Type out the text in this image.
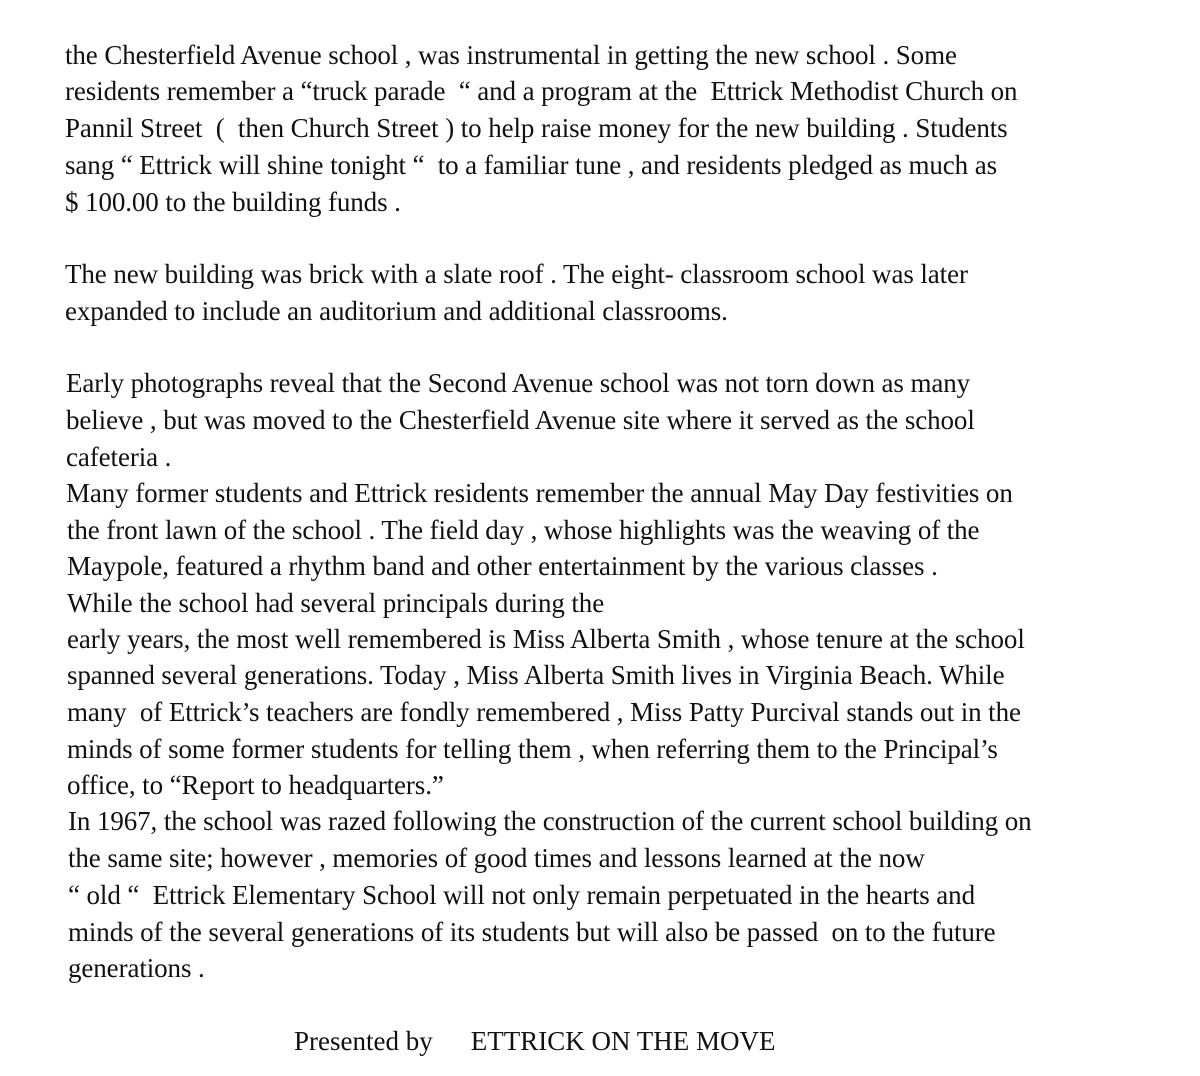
the Chesterfield Avenue school , was instrumental in getting the new school . Some
residents remember a “truck parade  “ and a program at the  Ettrick Methodist Church on
Pannil Street  (  then Church Street ) to help raise money for the new building . Students
sang “ Ettrick will shine tonight “  to a familiar tune , and residents pledged as much as
$ 100.00 to the building funds .
The new building was brick with a slate roof . The eight- classroom school was later
expanded to include an auditorium and additional classrooms.
Early photographs reveal that the Second Avenue school was not torn down as many
believe , but was moved to the Chesterfield Avenue site where it served as the school
cafeteria .
Many former students and Ettrick residents remember the annual May Day festivities on
the front lawn of the school . The field day , whose highlights was the weaving of the
Maypole, featured a rhythm band and other entertainment by the various classes .
While the school had several principals during the
early years, the most well remembered is Miss Alberta Smith , whose tenure at the school
spanned several generations. Today , Miss Alberta Smith lives in Virginia Beach. While
many  of Ettrick’s teachers are fondly remembered , Miss Patty Purcival stands out in the
minds of some former students for telling them , when referring them to the Principal’s
office, to “Report to headquarters.”
In 1967, the school was razed following the construction of the current school building on
the same site; however , memories of good times and lessons learned at the now
“ old “  Ettrick Elementary School will not only remain perpetuated in the hearts and
minds of the several generations of its students but will also be passed  on to the future
generations .
Presented by ETTRICK ON THE MOVE
